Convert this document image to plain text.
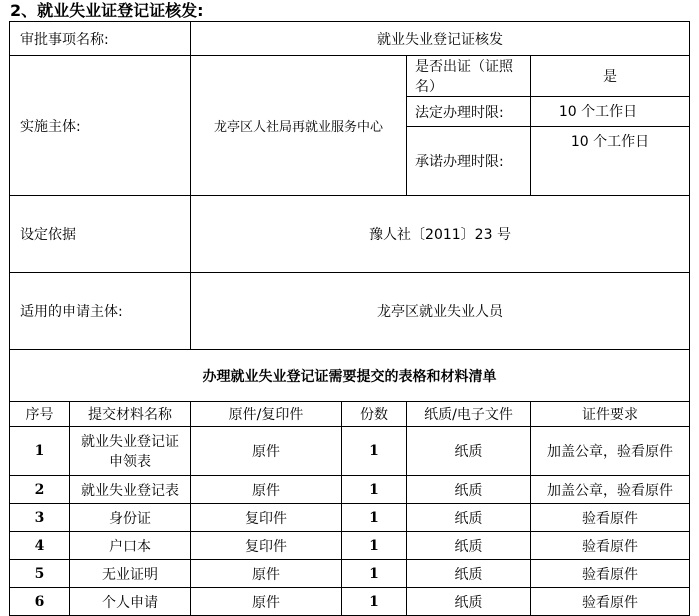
2、就业失业证登记证核发:
审批事项名称:		就业失业登记证核发			
实施主体:		龙亭区人社局再就业服务中心		是否出证（证照名）	是
				法定办理时限:	10 个工作日
				承诺办理时限:	10 个工作日
设定依据		豫人社〔2011〕23 号			
适用的申请主体:		龙亭区就业失业人员			
办理就业失业登记证需要提交的表格和材料清单					
序号	提交材料名称	原件/复印件	份数	纸质/电子文件	证件要求
1	就业失业登记证申领表	原件	1	纸质	加盖公章，验看原件
2	就业失业登记表	原件	1	纸质	加盖公章，验看原件
3	身份证	复印件	1	纸质	验看原件
4	户口本	复印件	1	纸质	验看原件
5	无业证明	原件	1	纸质	验看原件
6	个人申请	原件	1	纸质	验看原件
